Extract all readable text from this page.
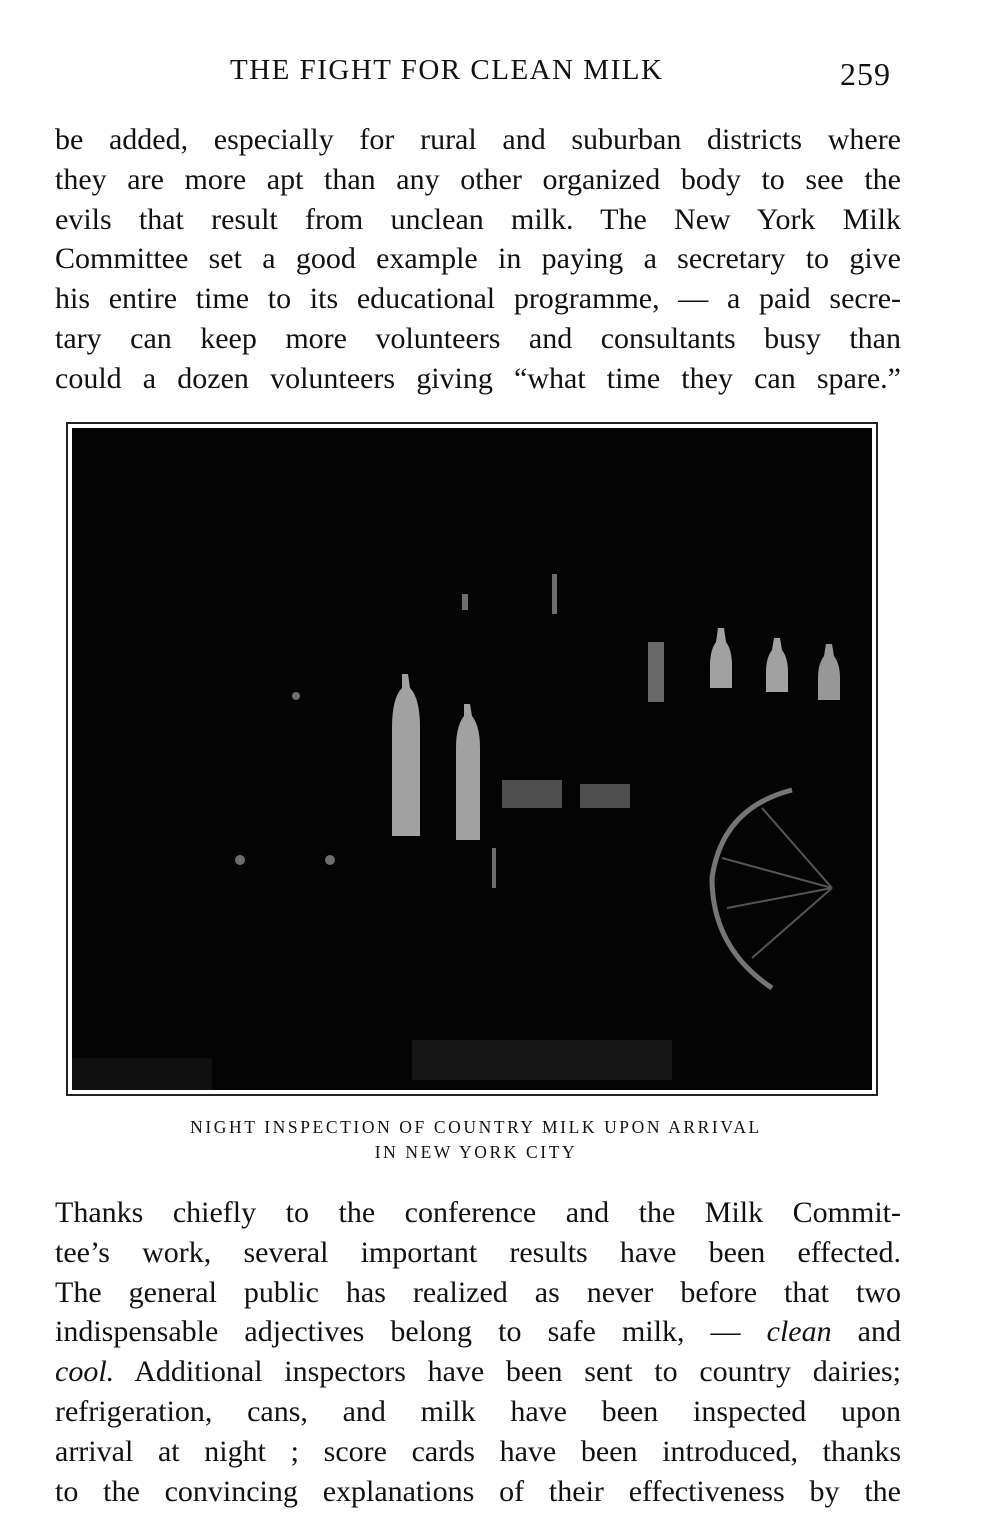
THE FIGHT FOR CLEAN MILK	259
be added, especially for rural and suburban districts where
they are more apt than any other organized body to see the
evils that result from unclean milk. The New York Milk
Committee set a good example in paying a secretary to give
his entire time to its educational programme, — a paid secre-
tary can keep more volunteers and consultants busy than
could a dozen volunteers giving “what time they can spare.”
NIGHT INSPECTION OF COUNTRY MILK UPON ARRIVAL
IN NEW YORK CITY
Thanks chiefly to the conference and the Milk Commit-
tee’s work, several important results have been effected.
The general public has realized as never before that two
indispensable adjectives belong to safe milk, — clean and
cool. Additional inspectors have been sent to country dairies;
refrigeration, cans, and milk have been inspected upon
arrival at night ; score cards have been introduced, thanks
to the convincing explanations of their effectiveness by the
